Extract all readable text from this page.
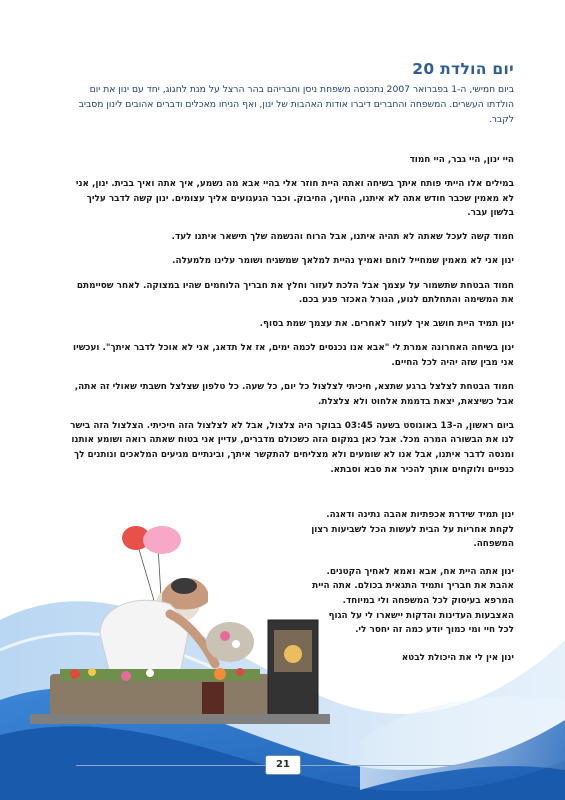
יום הולדת 20

ביום חמישי, ה-1 בפברואר 2007 נתכנסה משפחת ניסן וחבריהם בהר הרצל על מנת לחגוג, יחד עם ינון את יום הולדתו העשרים. המשפחה והחברים דיברו אודות האהבות של ינון, ואף הניחו מאכלים ודברים אהובים לינון מסביב לקבר.

היי ינון, היי גבר, היי חמוד

במילים אלו הייתי פותח איתך בשיחה ואתה היית חוזר אלי בהיי אבא מה נשמע, איך אתה ואיך בבית. ינון, אני לא מאמין שכבר חודש אתה לא איתנו, החיוך, החיבוק. וכבר הגעגועים אליך עצומים. ינון קשה לדבר עליך בלשון עבר.

חמוד קשה לעכל שאתה לא תהיה איתנו, אבל הרוח והנשמה שלך תישאר איתנו לעד.

ינון אני לא מאמין שמחייל לוחם ואמיץ נהיית למלאך שמשגיח ושומר עלינו מלמעלה.

חמוד הבטחת שתשמור על עצמך אבל הלכת לעזור וחלץ את חבריך הלוחמים שהיו במצוקה. לאחר שסיימתם את המשימה והתחלתם לנוע, הגורל האכזר פגע בכם.

ינון תמיד היית חושב איך לעזור לאחרים. את עצמך שמת בסוף.

ינון בשיחה האחרונה אמרת לי "אבא אנו נכנסים לכמה ימים, אז אל תדאג, אני לא אוכל לדבר איתך". ועכשיו אני מבין שזה יהיה לכל החיים.

חמוד הבטחת לצלצל ברגע שתצא, חיכיתי לצלצול כל יום, כל שעה. כל טלפון שצלצל חשבתי שאולי זה אתה, אבל כשיצאת, יצאת בדממת אלחוט ולא צלצלת.

ביום ראשון, ה-13 באוגוסט בשעה 03:45 בבוקר היה צלצול, אבל לא לצלצול הזה חיכיתי. הצלצול הזה בישר לנו את הבשורה המרה מכל. אבל כאן במקום הזה כשכולם מדברים, עדיין אני בטוח שאתה רואה ושומע אותנו ומנסה לדבר איתנו, אבל אנו לא שומעים ולא מצליחים להתקשר איתך, ובינתיים מגיעים המלאכים ונותנים לך כנפיים ולוקחים אותך להכיר את סבא וסבתא.

ינון תמיד שידרת אכפתיות אהבה נתינה ודאגה. לקחת אחריות על הבית לעשות הכל לשביעות רצון המשפחה.

ינון אתה היית אח, אבא ואמא לאחיך הקטנים. אהבת את חבריך ותמיד התגאית בכולם. אתה היית המרפא בעיסוק לכל המשפחה ולי במיוחד. האצבעות העדינות והדקות יישארו לי על הגוף לכל חיי ומי כמוך יודע כמה זה יחסר לי.

ינון אין לי את היכולת לבטא

21
